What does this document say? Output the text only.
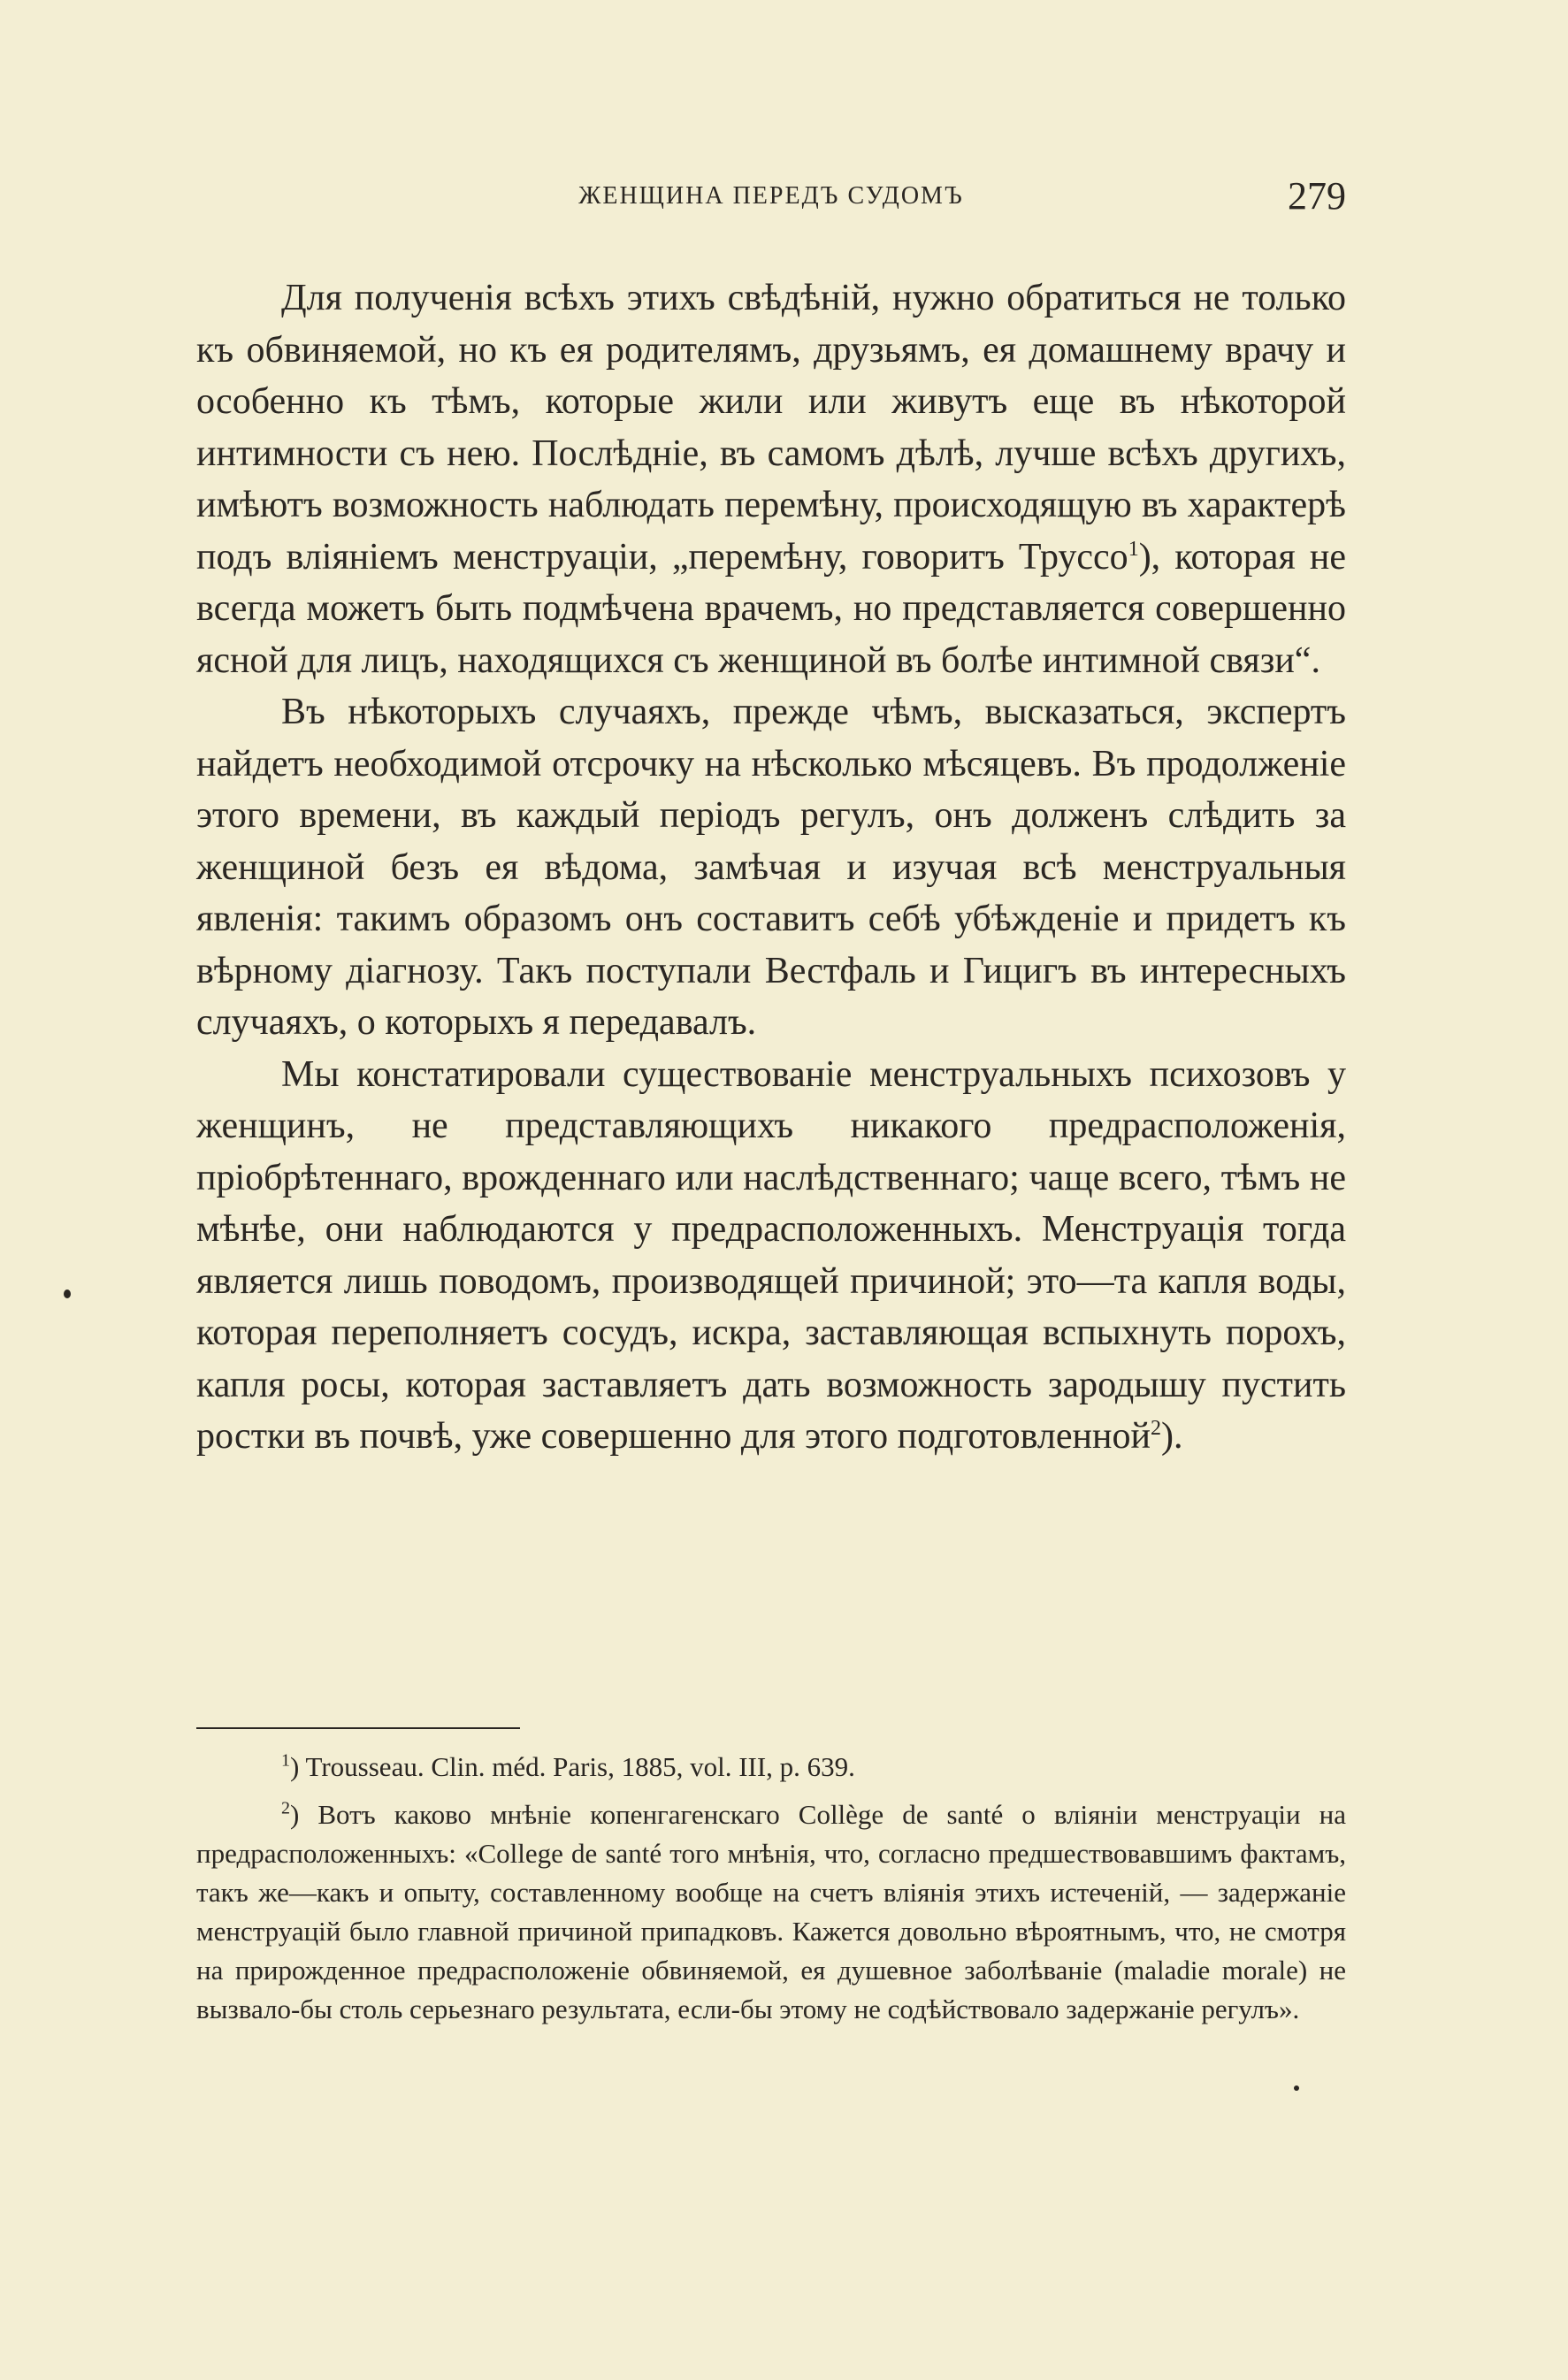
ЖЕНЩИНА ПЕРЕДЪ СУДОМЪ	279

Для полученія всѣхъ этихъ свѣдѣній, нужно обратиться не только къ обвиняемой, но къ ея родителямъ, друзьямъ, ея домашнему врачу и особенно къ тѣмъ, которые жили или живутъ еще въ нѣкоторой интимности съ нею. Послѣдніе, въ самомъ дѣлѣ, лучше всѣхъ другихъ, имѣютъ возможность наблюдать перемѣну, происходящую въ характерѣ подъ вліяніемъ менструаціи, „перемѣну, говоритъ Труссо$^1$), которая не всегда можетъ быть подмѣчена врачемъ, но представляется совершенно ясной для лицъ, находящихся съ женщиной въ болѣе интимной связи“.

Въ нѣкоторыхъ случаяхъ, прежде чѣмъ, высказаться, экспертъ найдетъ необходимой отсрочку на нѣсколько мѣсяцевъ. Въ продолженіе этого времени, въ каждый періодъ регулъ, онъ долженъ слѣдить за женщиной безъ ея вѣдома, замѣчая и изучая всѣ менструальныя явленія: такимъ образомъ онъ составитъ себѣ убѣжденіе и придетъ къ вѣрному діагнозу. Такъ поступали Вестфаль и Гицигъ въ интересныхъ случаяхъ, о которыхъ я передавалъ.

Мы констатировали существованіе менструальныхъ психозовъ у женщинъ, не представляющихъ никакого предрасположенія, пріобрѣтеннаго, врожденнаго или наслѣдственнаго; чаще всего, тѣмъ не мѣнѣе, они наблюдаются у предрасположенныхъ. Менструація тогда является лишь поводомъ, производящей причиной; это—та капля воды, которая переполняетъ сосудъ, искра, заставляющая вспыхнуть порохъ, капля росы, которая заставляетъ дать возможность зародышу пустить ростки въ почвѣ, уже совершенно для этого подготовленной$^2$).

$^1$) Trousseau. Clin. méd. Paris, 1885, vol. III, p. 639.

$^2$) Вотъ каково мнѣніе копенгагенскаго Collège de santé о вліяніи менструаціи на предрасположенныхъ: «College de santé того мнѣнія, что, согласно предшествовавшимъ фактамъ, такъ же—какъ и опыту, составленному вообще на счетъ вліянія этихъ истеченій, — задержаніе менструацій было главной причиной припадковъ. Кажется довольно вѣроятнымъ, что, не смотря на прирожденное предрасположеніе обвиняемой, ея душевное заболѣваніе (maladie morale) не вызвало-бы столь серьезнаго результата, если-бы этому не содѣйствовало задержаніе регулъ».
